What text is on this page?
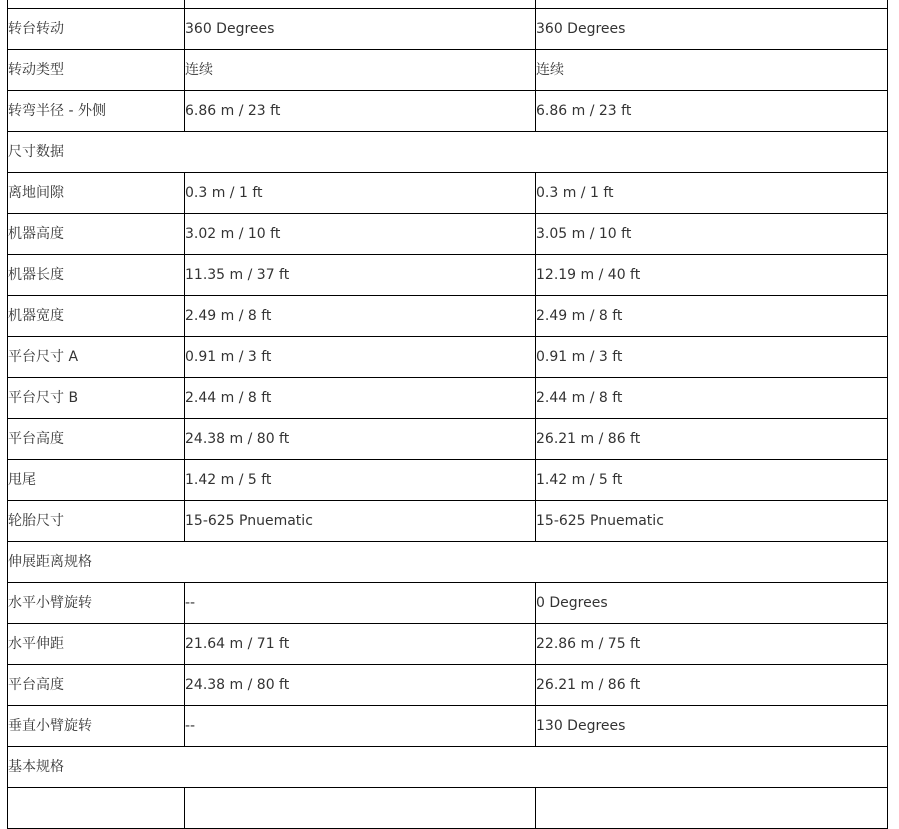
转台转动	360 Degrees	360 Degrees
转动类型	连续	连续
转弯半径 - 外侧	6.86 m / 23 ft	6.86 m / 23 ft
尺寸数据		
离地间隙	0.3 m / 1 ft	0.3 m / 1 ft
机器高度	3.02 m / 10 ft	3.05 m / 10 ft
机器长度	11.35 m / 37 ft	12.19 m / 40 ft
机器宽度	2.49 m / 8 ft	2.49 m / 8 ft
平台尺寸 A	0.91 m / 3 ft	0.91 m / 3 ft
平台尺寸 B	2.44 m / 8 ft	2.44 m / 8 ft
平台高度	24.38 m / 80 ft	26.21 m / 86 ft
甩尾	1.42 m / 5 ft	1.42 m / 5 ft
轮胎尺寸	15-625 Pnuematic	15-625 Pnuematic
伸展距离规格		
水平小臂旋转	--	0 Degrees
水平伸距	21.64 m / 71 ft	22.86 m / 75 ft
平台高度	24.38 m / 80 ft	26.21 m / 86 ft
垂直小臂旋转	--	130 Degrees
基本规格		
